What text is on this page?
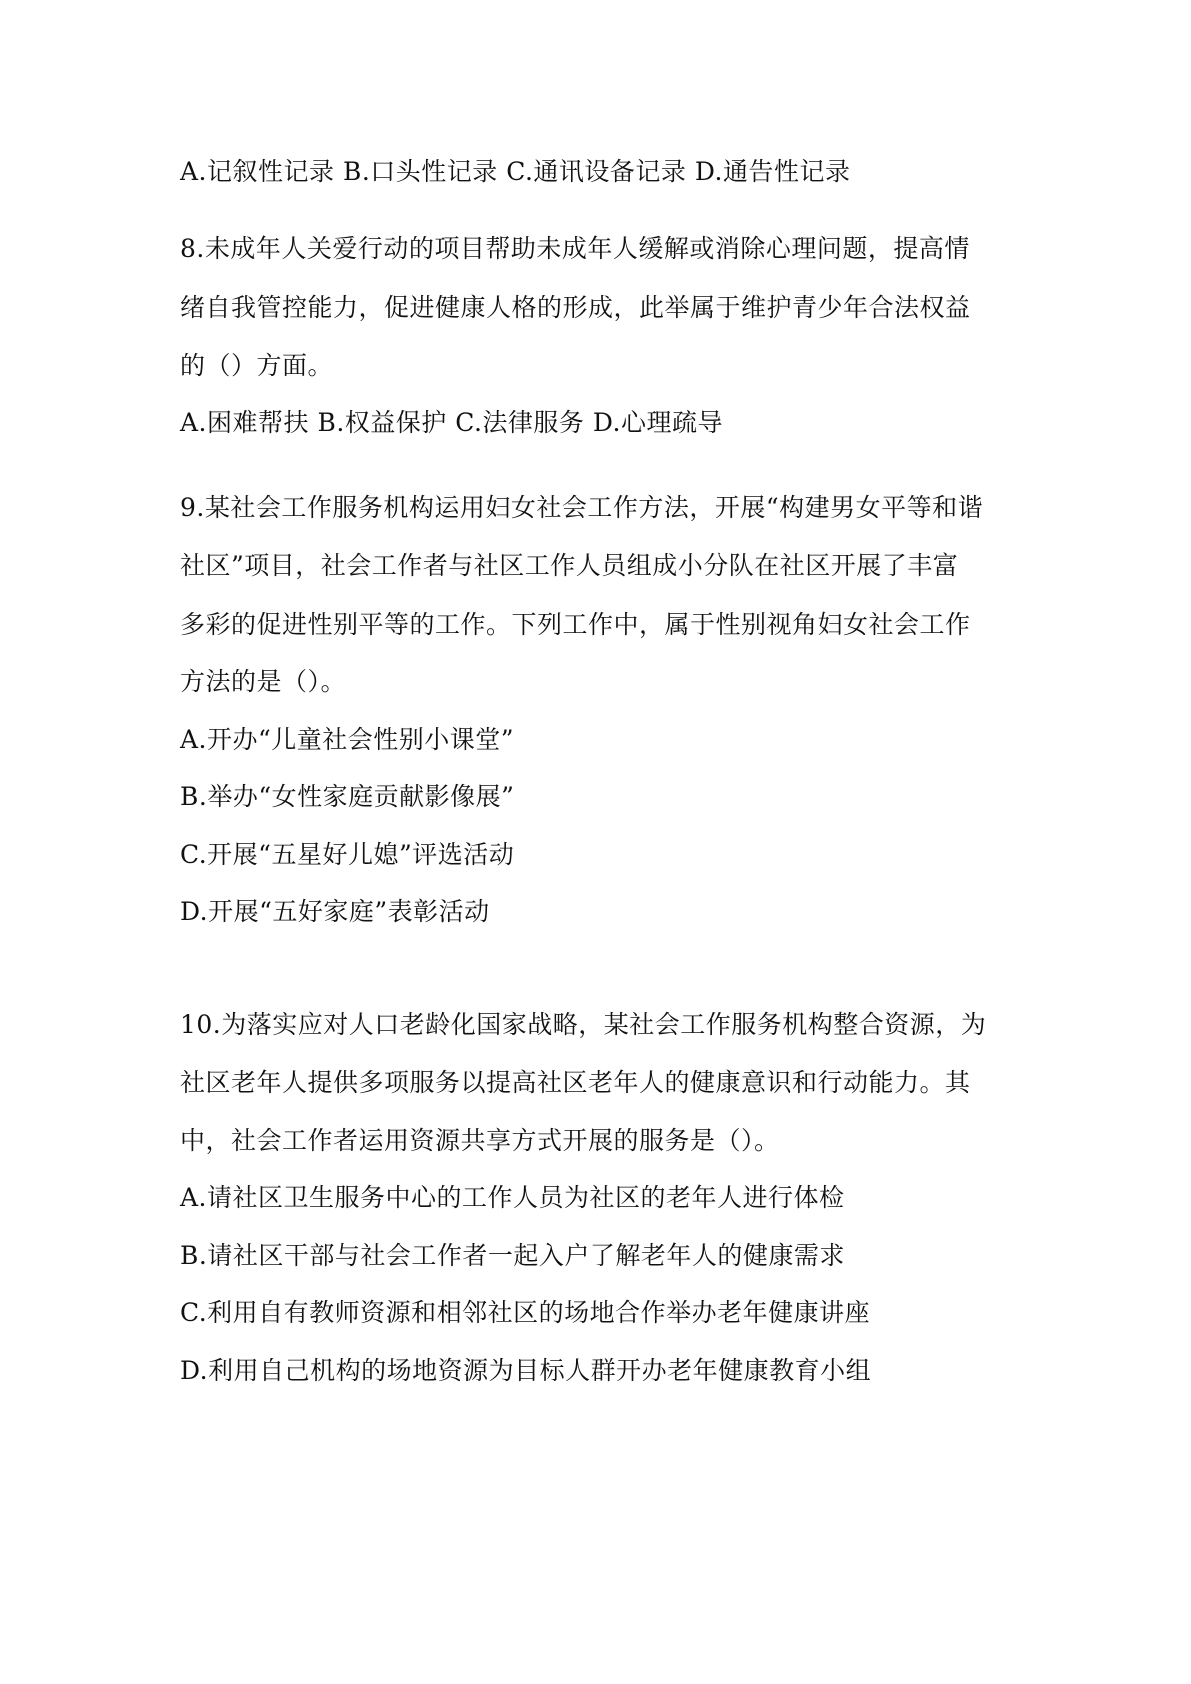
A.记叙性记录 B.口头性记录 C.通讯设备记录 D.通告性记录
8.未成年人关爱行动的项目帮助未成年人缓解或消除心理问题，提高情
绪自我管控能力，促进健康人格的形成，此举属于维护青少年合法权益
的（）方面。
A.困难帮扶 B.权益保护 C.法律服务 D.心理疏导
9.某社会工作服务机构运用妇女社会工作方法，开展“构建男女平等和谐
社区”项目，社会工作者与社区工作人员组成小分队在社区开展了丰富
多彩的促进性别平等的工作。下列工作中，属于性别视角妇女社会工作
方法的是（）。
A.开办“儿童社会性别小课堂”
B.举办“女性家庭贡献影像展”
C.开展“五星好儿媳”评选活动
D.开展“五好家庭”表彰活动
10.为落实应对人口老龄化国家战略，某社会工作服务机构整合资源，为
社区老年人提供多项服务以提高社区老年人的健康意识和行动能力。其
中，社会工作者运用资源共享方式开展的服务是（）。
A.请社区卫生服务中心的工作人员为社区的老年人进行体检
B.请社区干部与社会工作者一起入户了解老年人的健康需求
C.利用自有教师资源和相邻社区的场地合作举办老年健康讲座
D.利用自己机构的场地资源为目标人群开办老年健康教育小组
